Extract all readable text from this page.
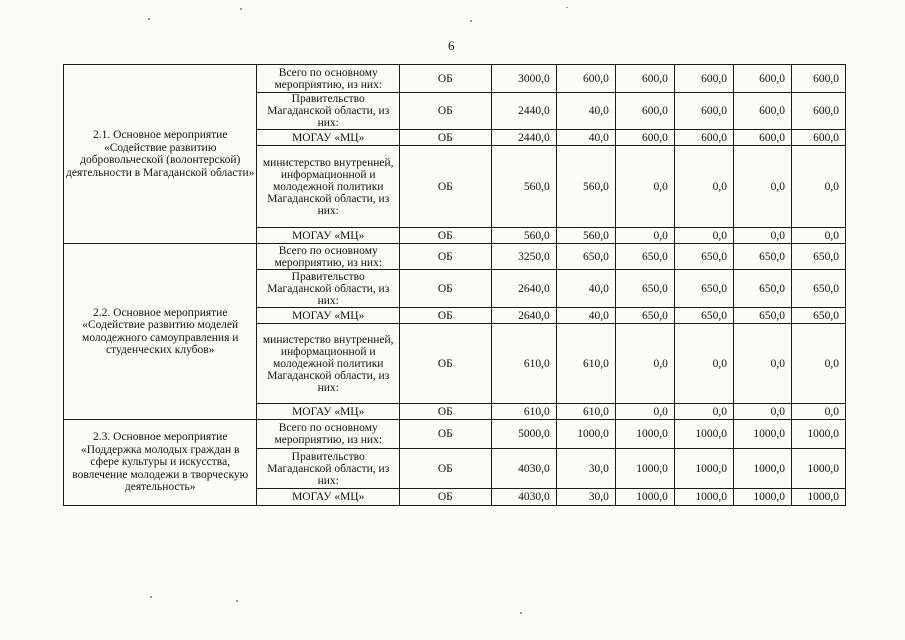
6
2.1. Основное мероприятие «Содействие развитию добровольческой (волонтерской) деятельности в Магаданской области»	Всего по основному мероприятию, из них:	ОБ	3000,0	600,0	600,0	600,0	600,0	600,0
	Правительство Магаданской области, из них:	ОБ	2440,0	40,0	600,0	600,0	600,0	600,0
	МОГАУ «МЦ»	ОБ	2440,0	40,0	600,0	600,0	600,0	600,0
	министерство внутренней, информационной и молодежной политики Магаданской области, из них:	ОБ	560,0	560,0	0,0	0,0	0,0	0,0
	МОГАУ «МЦ»	ОБ	560,0	560,0	0,0	0,0	0,0	0,0
2.2. Основное мероприятие «Содействие развитию моделей молодежного самоуправления и студенческих клубов»	Всего по основному мероприятию, из них:	ОБ	3250,0	650,0	650,0	650,0	650,0	650,0
	Правительство Магаданской области, из них:	ОБ	2640,0	40,0	650,0	650,0	650,0	650,0
	МОГАУ «МЦ»	ОБ	2640,0	40,0	650,0	650,0	650,0	650,0
	министерство внутренней, информационной и молодежной политики Магаданской области, из них:	ОБ	610,0	610,0	0,0	0,0	0,0	0,0
	МОГАУ «МЦ»	ОБ	610,0	610,0	0,0	0,0	0,0	0,0
2.3. Основное мероприятие «Поддержка молодых граждан в сфере культуры и искусства, вовлечение молодежи в творческую деятельность»	Всего по основному мероприятию, из них:	ОБ	5000,0	1000,0	1000,0	1000,0	1000,0	1000,0
	Правительство Магаданской области, из них:	ОБ	4030,0	30,0	1000,0	1000,0	1000,0	1000,0
	МОГАУ «МЦ»	ОБ	4030,0	30,0	1000,0	1000,0	1000,0	1000,0
